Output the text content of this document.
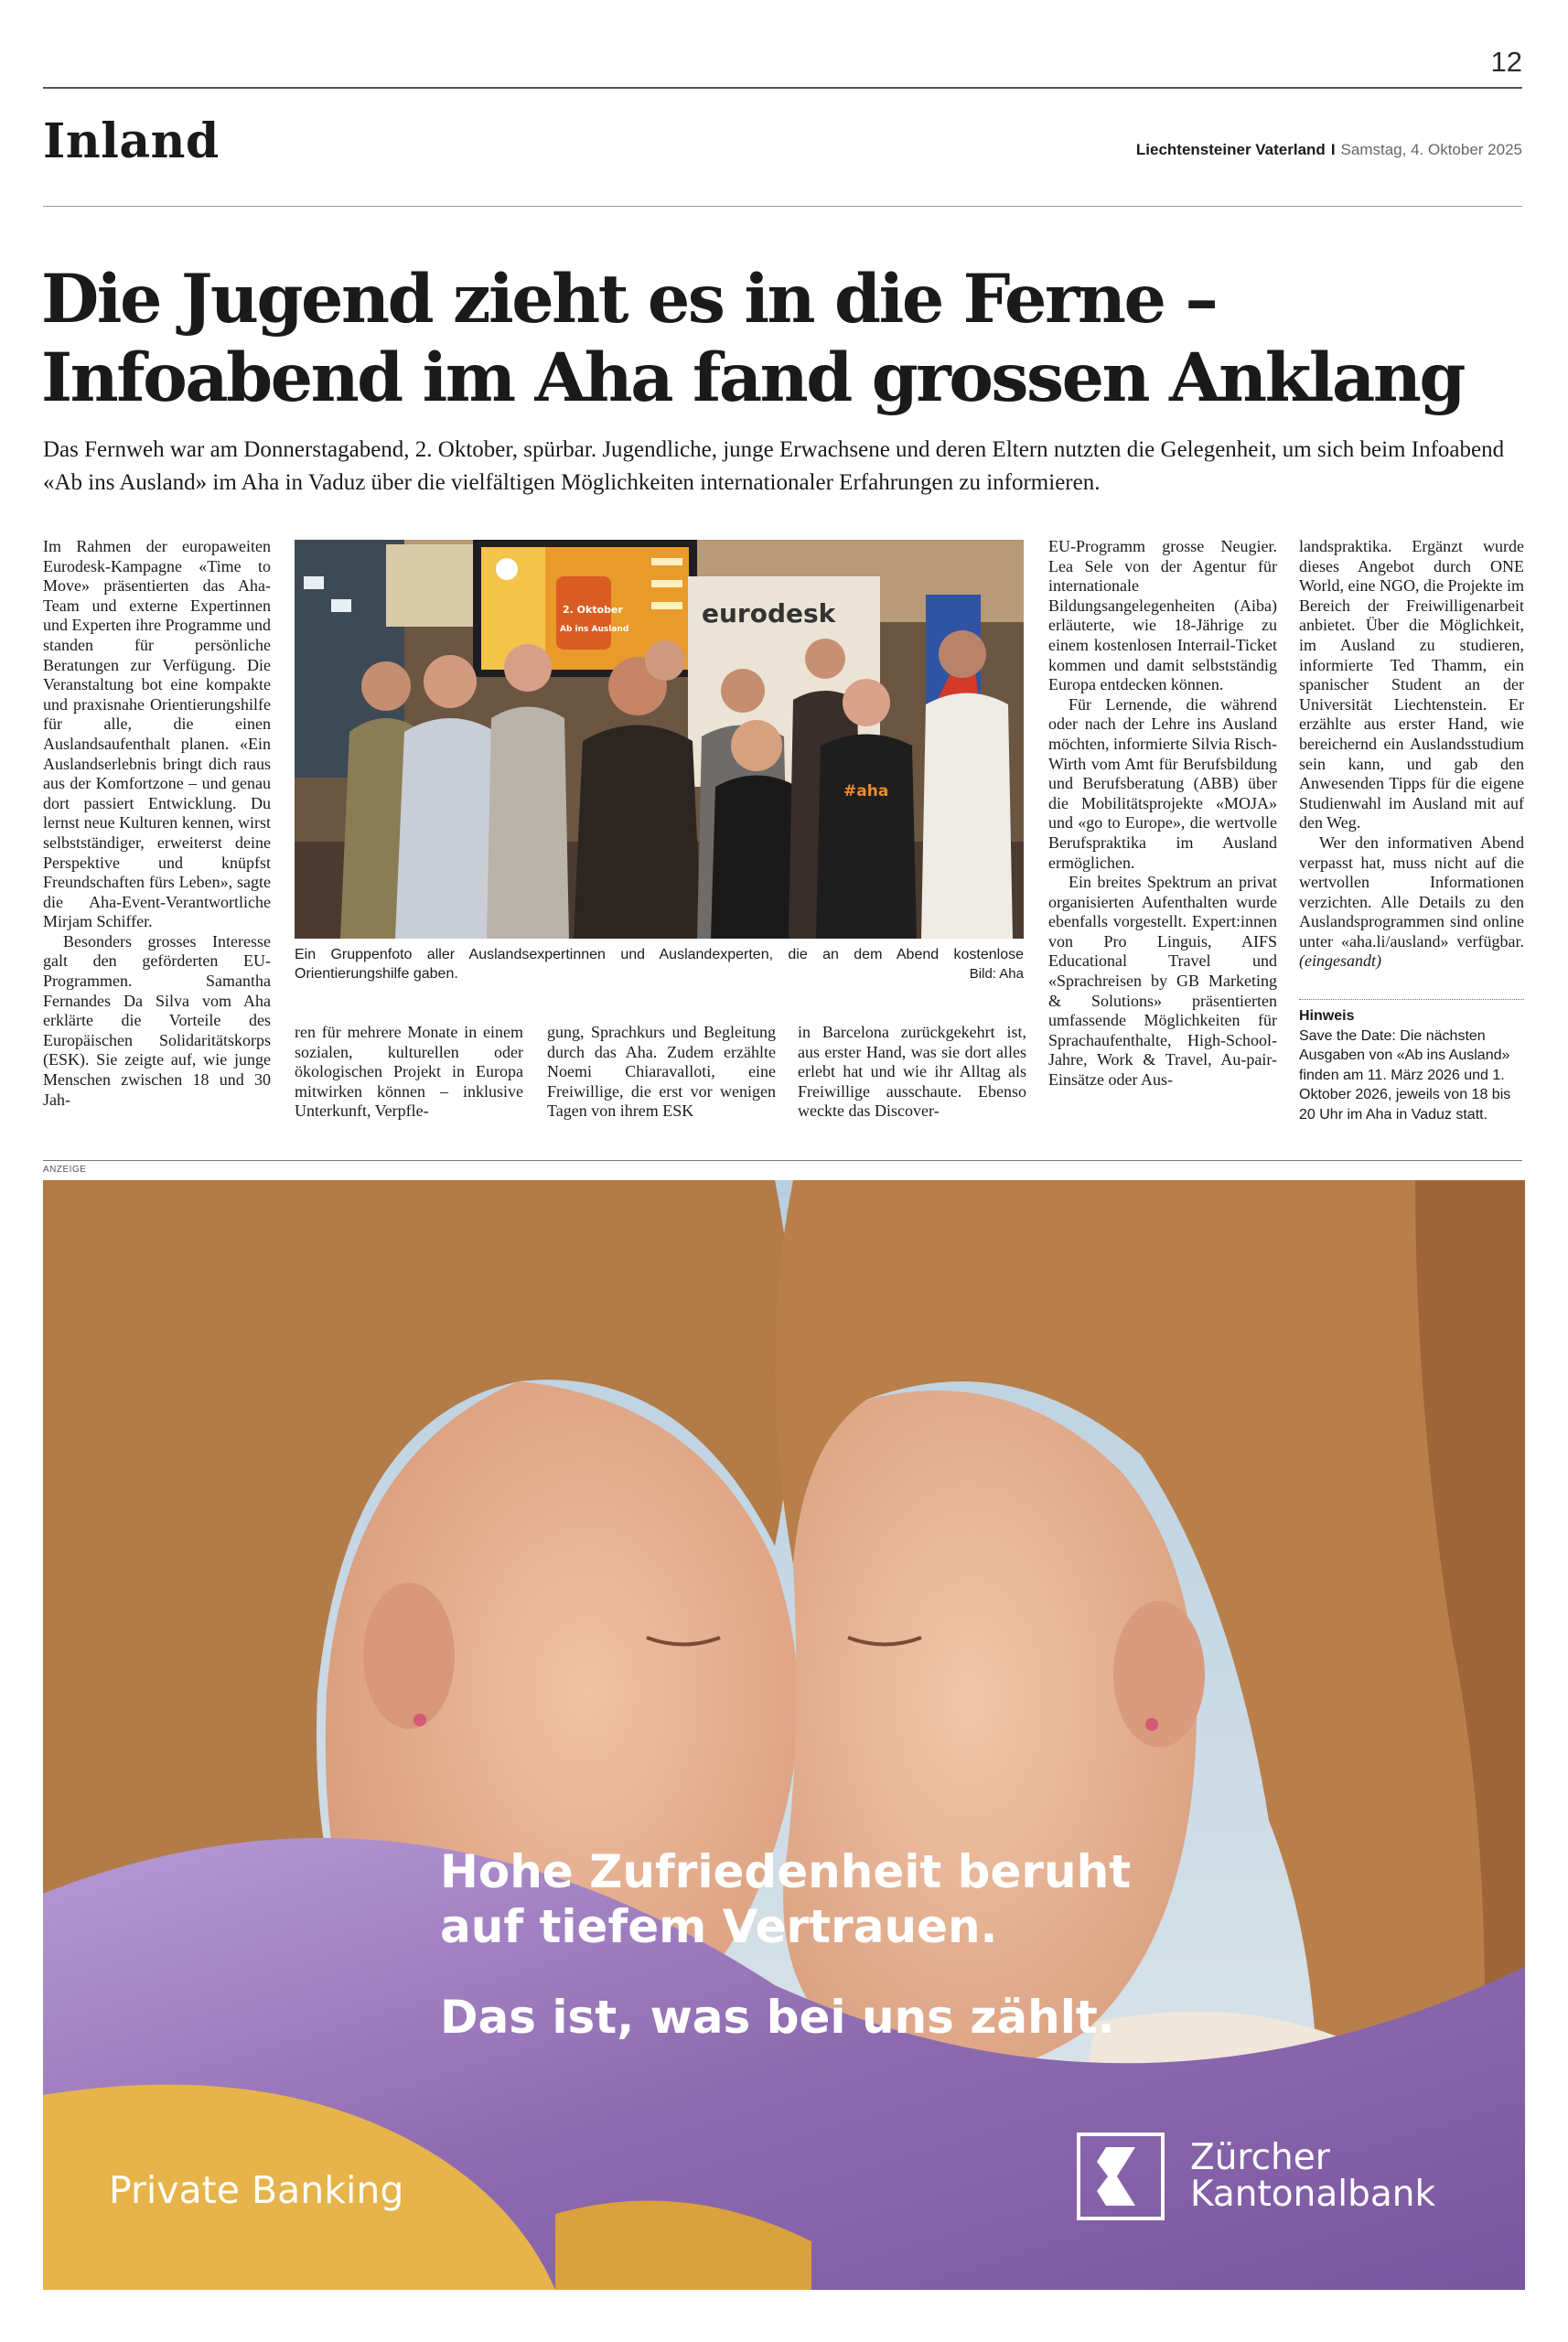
12
Inland	Liechtensteiner Vaterland I Samstag, 4. Oktober 2025
Die Jugend zieht es in die Ferne –
Infoabend im Aha fand grossen Anklang

Das Fernweh war am Donnerstagabend, 2. Oktober, spürbar. Jugendliche, junge Erwachsene und deren Eltern nutzten die Gelegenheit, um sich beim Infoabend «Ab ins Ausland» im Aha in Vaduz über die vielfältigen Möglichkeiten internationaler Erfahrungen zu informieren.

Im Rahmen der europaweiten Eurodesk-Kampagne «Time to Move» präsentierten das Aha-Team und externe Expertinnen und Experten ihre Programme und standen für persönliche Beratungen zur Verfügung. Die Veranstaltung bot eine kompakte und praxisnahe Orientierungshilfe für alle, die einen Auslandsaufenthalt planen. «Ein Auslandserlebnis bringt dich raus aus der Komfortzone – und genau dort passiert Entwicklung. Du lernst neue Kulturen kennen, wirst selbstständiger, erweiterst deine Perspektive und knüpfst Freundschaften fürs Leben», sagte die Aha-Event-Verantwortliche Mirjam Schiffer.

Besonders grosses Interesse galt den geförderten EU-Programmen. Samantha Fernandes Da Silva vom Aha erklärte die Vorteile des Europäischen Solidaritätskorps (ESK). Sie zeigte auf, wie junge Menschen zwischen 18 und 30 Jah-

2. Oktober
Ab ins Ausland
eurodesk
#aha
Ein Gruppenfoto aller Auslandsexpertinnen und Auslandexperten, die an dem Abend kostenlose Orientierungshilfe gaben.	Bild: Aha

ren für mehrere Monate in einem sozialen, kulturellen oder ökologischen Projekt in Europa mitwirken können – inklusive Unterkunft, Verpfle-

gung, Sprachkurs und Begleitung durch das Aha. Zudem erzählte Noemi Chiaravalloti, eine Freiwillige, die erst vor wenigen Tagen von ihrem ESK

in Barcelona zurückgekehrt ist, aus erster Hand, was sie dort alles erlebt hat und wie ihr Alltag als Freiwillige ausschaute. Ebenso weckte das Discover-

EU-Programm grosse Neugier. Lea Sele von der Agentur für internationale Bildungsangelegenheiten (Aiba) erläuterte, wie 18-Jährige zu einem kostenlosen Interrail-Ticket kommen und damit selbstständig Europa entdecken können.

Für Lernende, die während oder nach der Lehre ins Ausland möchten, informierte Silvia Risch-Wirth vom Amt für Berufsbildung und Berufsberatung (ABB) über die Mobilitätsprojekte «MOJA» und «go to Europe», die wertvolle Berufspraktika im Ausland ermöglichen.

Ein breites Spektrum an privat organisierten Aufenthalten wurde ebenfalls vorgestellt. Expert:innen von Pro Linguis, AIFS Educational Travel und «Sprachreisen by GB Marketing & Solutions» präsentierten umfassende Möglichkeiten für Sprachaufenthalte, High-School-Jahre, Work & Travel, Au-pair-Einsätze oder Aus-

landspraktika. Ergänzt wurde dieses Angebot durch ONE World, eine NGO, die Projekte im Bereich der Freiwilligenarbeit anbietet. Über die Möglichkeit, im Ausland zu studieren, informierte Ted Thamm, ein spanischer Student an der Universität Liechtenstein. Er erzählte aus erster Hand, wie bereichernd ein Auslandsstudium sein kann, und gab den Anwesenden Tipps für die eigene Studienwahl im Ausland mit auf den Weg.

Wer den informativen Abend verpasst hat, muss nicht auf die wertvollen Informationen verzichten. Alle Details zu den Auslandsprogrammen sind online unter «aha.li/ausland» verfügbar. (eingesandt)

Hinweis
Save the Date: Die nächsten Ausgaben von «Ab ins Ausland» finden am 11. März 2026 und 1. Oktober 2026, jeweils von 18 bis 20 Uhr im Aha in Vaduz statt.
ANZEIGE
Hohe Zufriedenheit beruht
auf tiefem Vertrauen.
Das ist, was bei uns zählt.
Private Banking
Zürcher
Kantonalbank
